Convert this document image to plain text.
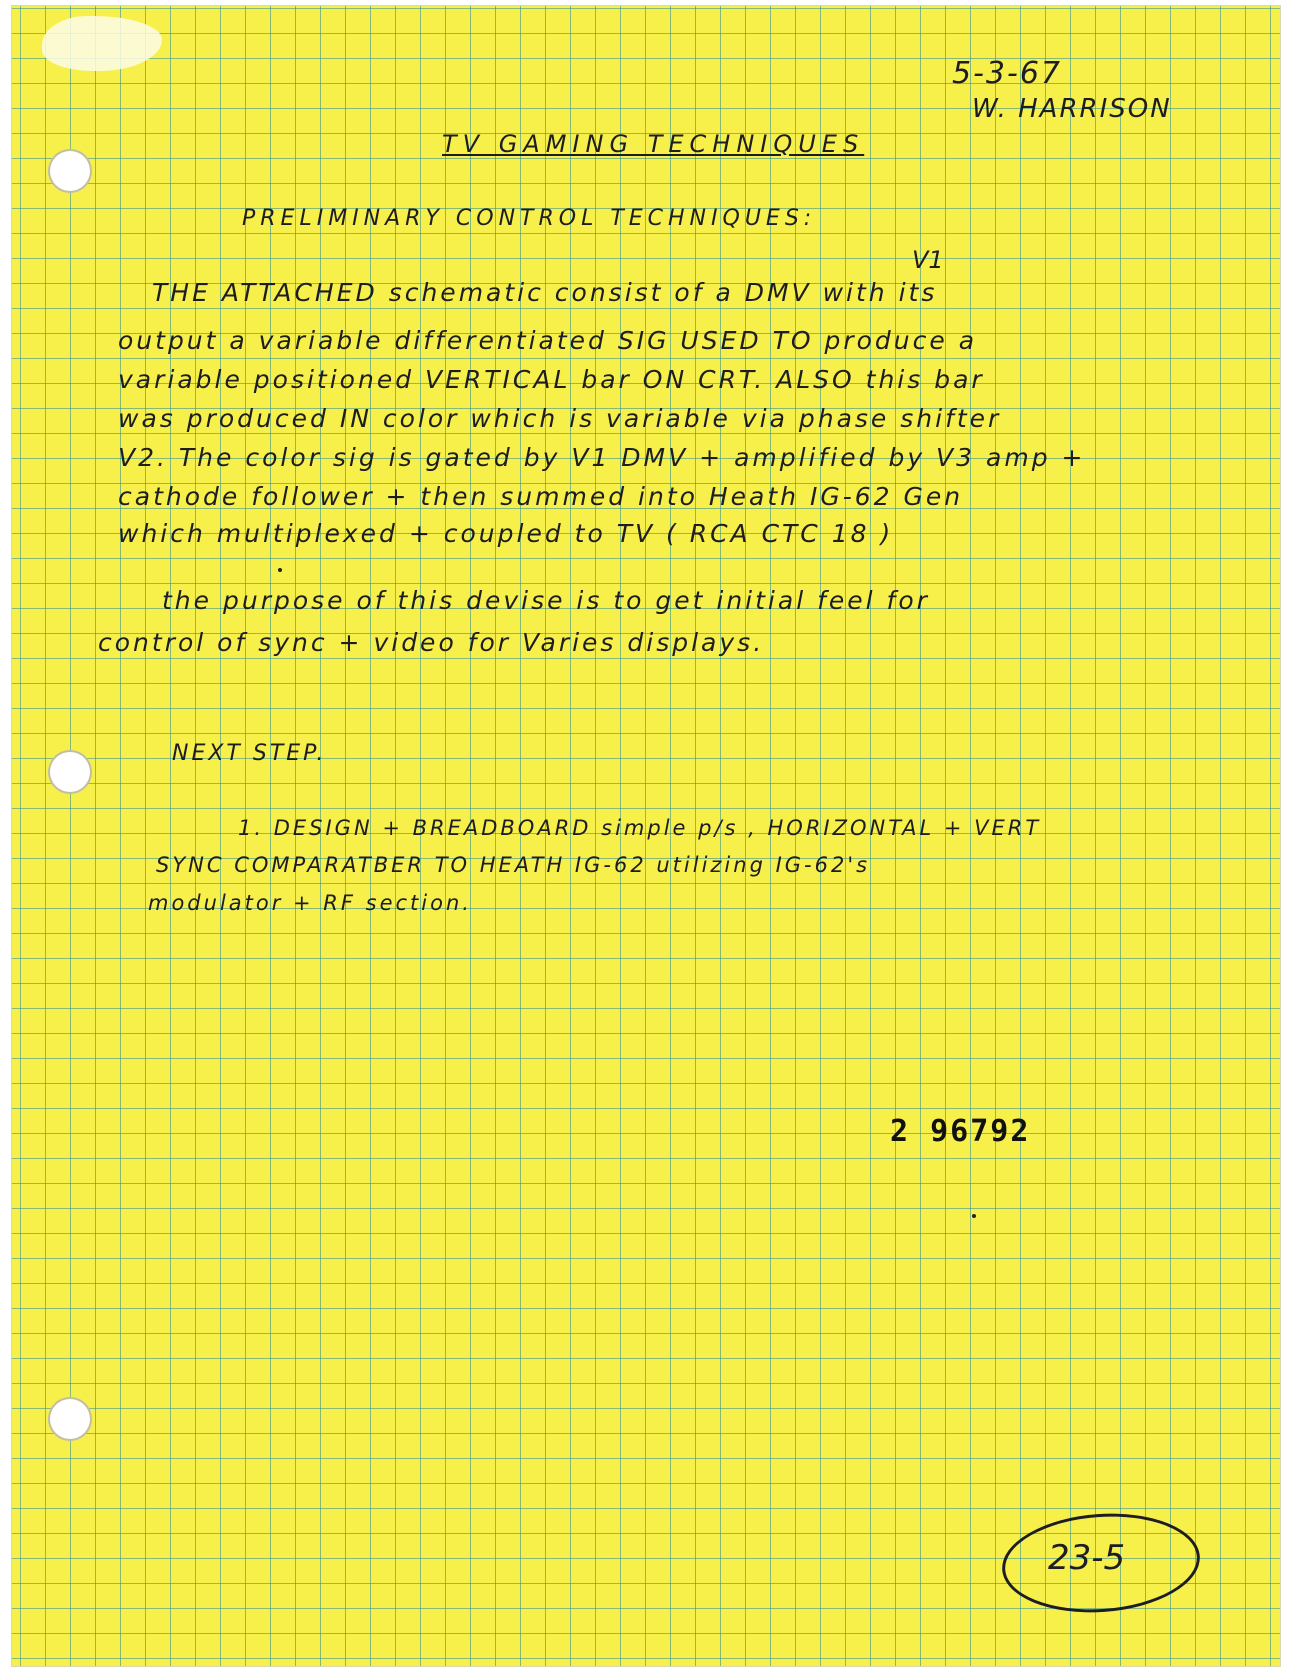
5-3-67
W. HARRISON
TV GAMING TECHNIQUES
PRELIMINARY CONTROL TECHNIQUES:
V1
THE ATTACHED schematic consist of a DMV with its
output a variable differentiated SIG USED TO produce a
variable positioned VERTICAL bar ON CRT. ALSO this bar
was produced IN color which is variable via phase shifter
V2. The color sig is gated by V1 DMV + amplified by V3 amp +
cathode follower + then summed into Heath IG-62 Gen
which multiplexed + coupled to TV ( RCA CTC 18 )
the purpose of this devise is to get initial feel for
control of sync + video for Varies displays.
NEXT STEP.
1. DESIGN + BREADBOARD simple p/s , HORIZONTAL + VERT
SYNC COMPARATBER TO HEATH IG-62 utilizing IG-62's
modulator + RF section.
2 96792
23-5
